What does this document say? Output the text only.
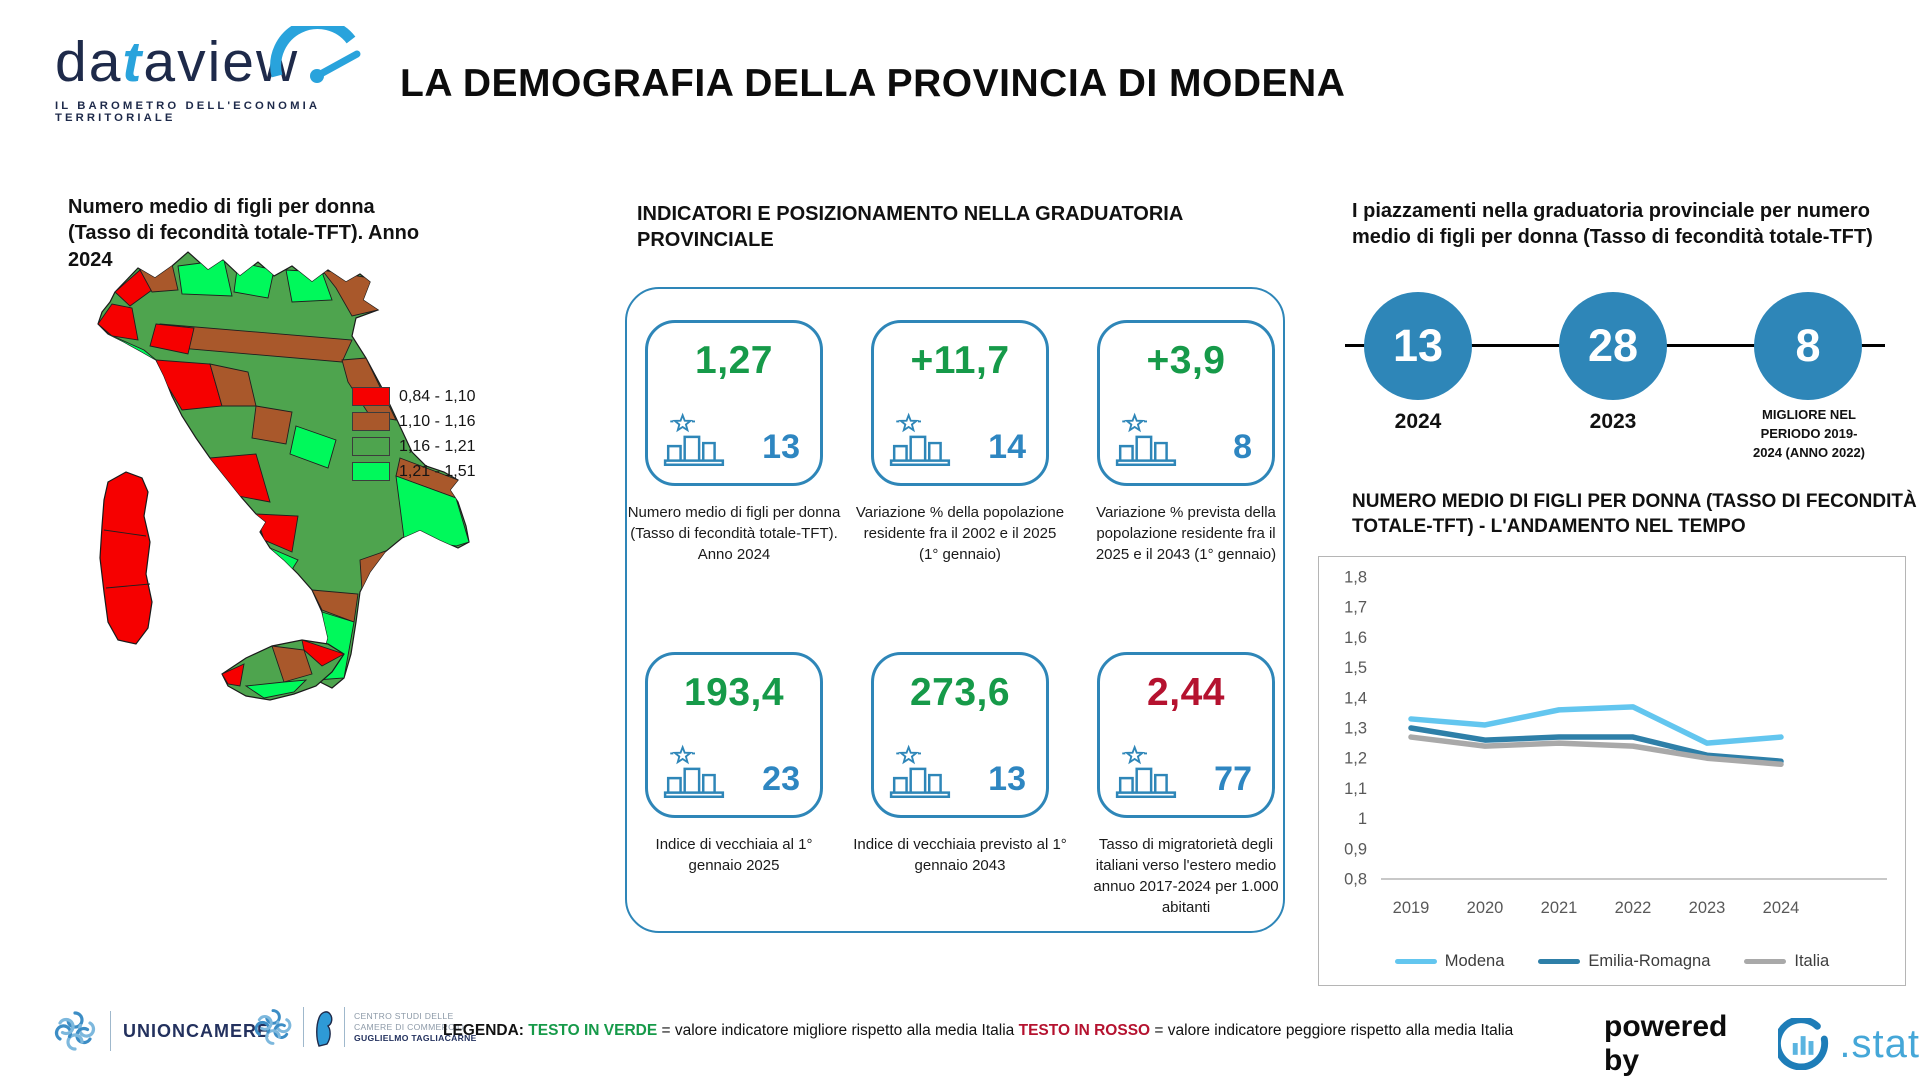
dataview
IL BAROMETRO DELL'ECONOMIA TERRITORIALE
LA DEMOGRAFIA DELLA PROVINCIA DI MODENA
Numero medio di figli per donna (Tasso di fecondità totale-TFT). Anno 2024
0,84 - 1,10
1,10 - 1,16
1,16 - 1,21
1,21 - 1,51
INDICATORI E POSIZIONAMENTO NELLA GRADUATORIA PROVINCIALE
1,27
13
+11,7
14
+3,9
8
193,4
23
273,6
13
2,44
77
Numero medio di figli per donna (Tasso di fecondità totale-TFT). Anno 2024
Variazione % della popolazione residente fra il 2002 e il 2025 (1° gennaio)
Variazione % prevista della popolazione residente fra il 2025 e il 2043 (1° gennaio)
Indice di vecchiaia al 1° gennaio 2025
Indice di vecchiaia previsto al 1° gennaio 2043
Tasso di migratorietà degli italiani verso l'estero medio annuo 2017-2024 per 1.000 abitanti
I piazzamenti nella graduatoria provinciale per numero medio di figli per donna (Tasso di fecondità totale-TFT)
13	28	8
2024	2023	MIGLIORE NEL PERIODO 2019-2024 (ANNO 2022)
NUMERO MEDIO DI FIGLI PER DONNA (TASSO DI FECONDITÀ TOTALE-TFT) - L'ANDAMENTO NEL TEMPO
1,8
1,7
1,6
1,5
1,4
1,3
1,2
1,1
1
0,9
0,8
2019 2020 2021 2022 2023 2024
Modena	Emilia-Romagna	Italia
UNIONCAMERE
CENTRO STUDI DELLE
CAMERE DI COMMERCIO
GUGLIELMO TAGLIACARNE
LEGENDA: TESTO IN VERDE = valore indicatore migliore rispetto alla media Italia TESTO IN ROSSO = valore indicatore peggiore rispetto alla media Italia	powered by	.stat
